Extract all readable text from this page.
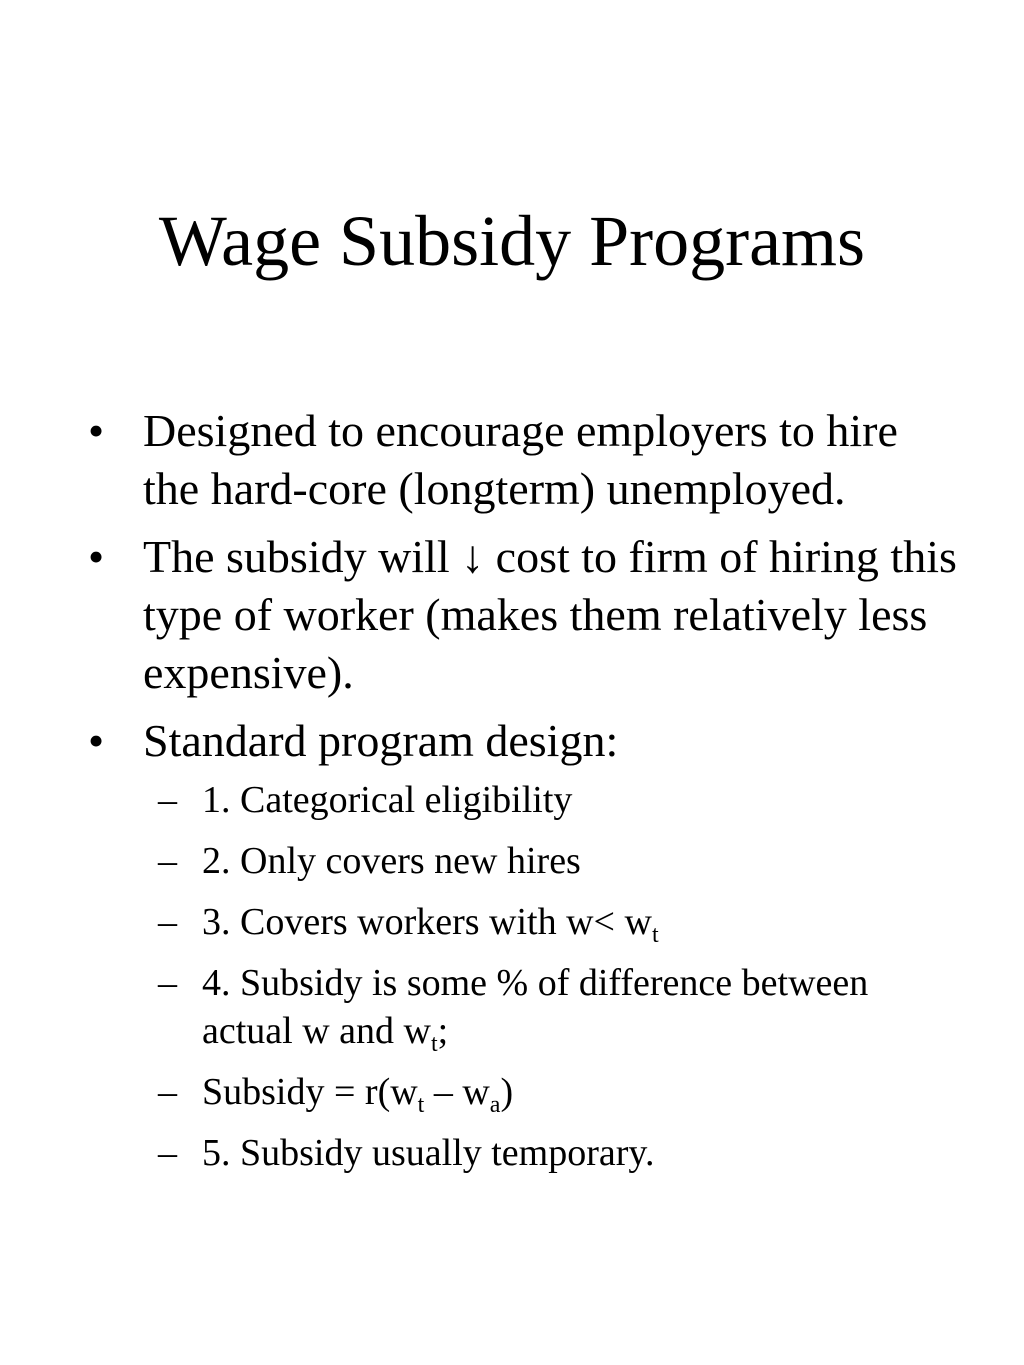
Wage Subsidy Programs
• Designed to encourage employers to hire the hard-core (longterm) unemployed.
• The subsidy will ↓ cost to firm of hiring this type of worker (makes them relatively less expensive).
• Standard program design:
– 1. Categorical eligibility
– 2. Only covers new hires
– 3. Covers workers with $w< w_t$
– 4. Subsidy is some % of difference between actual w and $w_t$;
– Subsidy = $r(w_t - w_a)$
– 5. Subsidy usually temporary.
